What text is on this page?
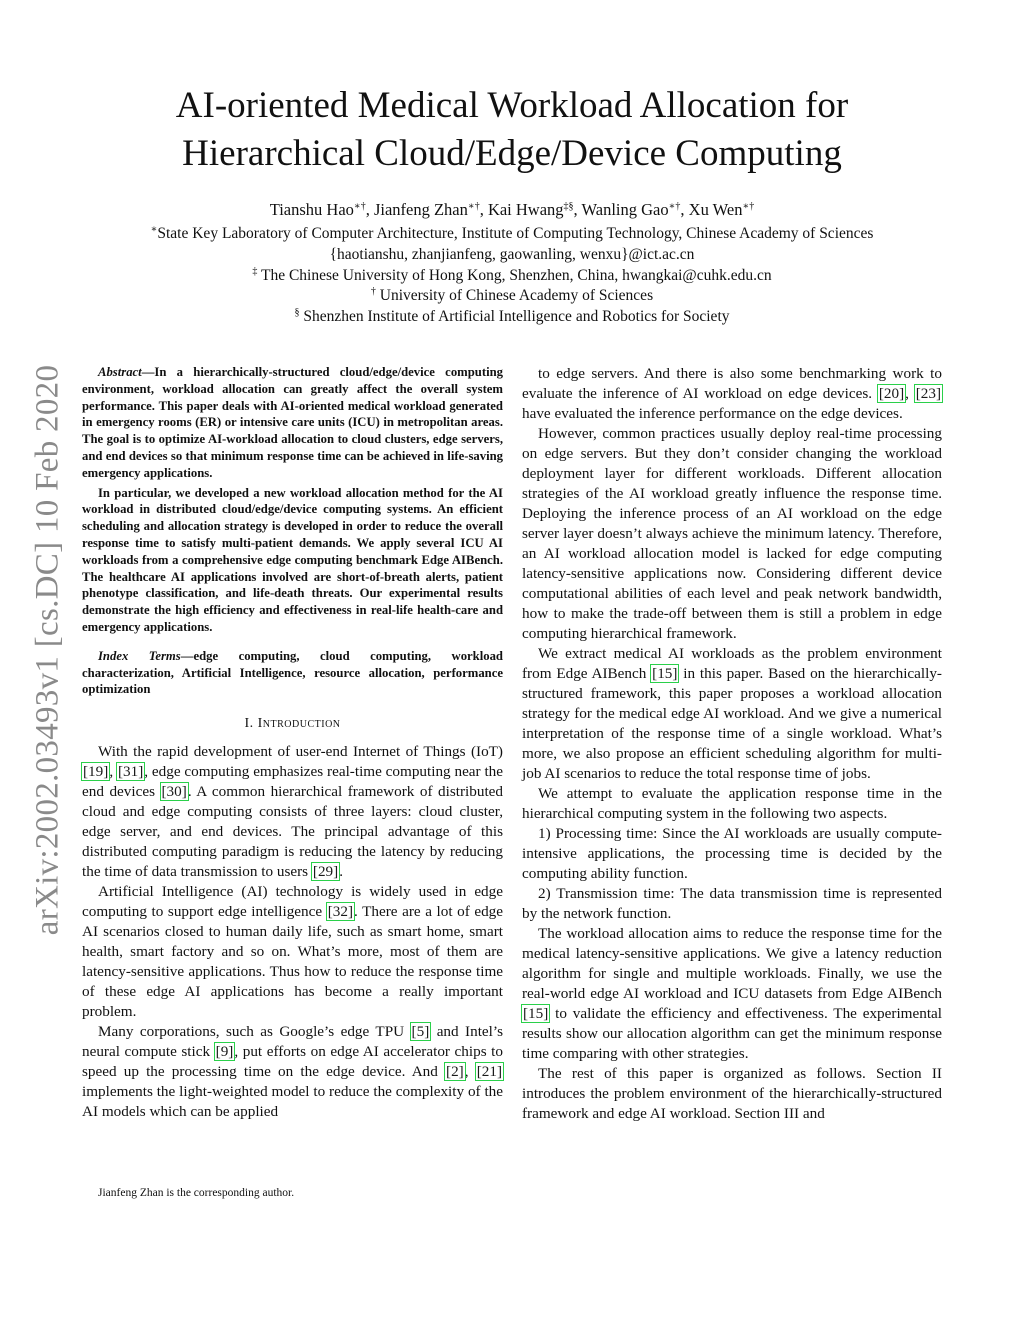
arXiv:2002.03493v1 [cs.DC] 10 Feb 2020
AI-oriented Medical Workload Allocation for
Hierarchical Cloud/Edge/Device Computing
Tianshu Hao∗†, Jianfeng Zhan∗†, Kai Hwang‡§, Wanling Gao∗†, Xu Wen∗†
∗State Key Laboratory of Computer Architecture, Institute of Computing Technology, Chinese Academy of Sciences
{haotianshu, zhanjianfeng, gaowanling, wenxu}@ict.ac.cn
‡ The Chinese University of Hong Kong, Shenzhen, China, hwangkai@cuhk.edu.cn
† University of Chinese Academy of Sciences
§ Shenzhen Institute of Artificial Intelligence and Robotics for Society

Abstract—In a hierarchically-structured cloud/edge/device computing environment, workload allocation can greatly affect the overall system performance. This paper deals with AI-oriented medical workload generated in emergency rooms (ER) or intensive care units (ICU) in metropolitan areas. The goal is to optimize AI-workload allocation to cloud clusters, edge servers, and end devices so that minimum response time can be achieved in life-saving emergency applications.

In particular, we developed a new workload allocation method for the AI workload in distributed cloud/edge/device computing systems. An efficient scheduling and allocation strategy is developed in order to reduce the overall response time to satisfy multi-patient demands. We apply several ICU AI workloads from a comprehensive edge computing benchmark Edge AIBench. The healthcare AI applications involved are short-of-breath alerts, patient phenotype classification, and life-death threats. Our experimental results demonstrate the high efficiency and effectiveness in real-life health-care and emergency applications.

Index Terms—edge computing, cloud computing, workload characterization, Artificial Intelligence, resource allocation, performance optimization

I. Introduction

With the rapid development of user-end Internet of Things (IoT) [19], [31], edge computing emphasizes real-time computing near the end devices [30]. A common hierarchical framework of distributed cloud and edge computing consists of three layers: cloud cluster, edge server, and end devices. The principal advantage of this distributed computing paradigm is reducing the latency by reducing the time of data transmission to users [29].

Artificial Intelligence (AI) technology is widely used in edge computing to support edge intelligence [32]. There are a lot of edge AI scenarios closed to human daily life, such as smart home, smart health, smart factory and so on. What’s more, most of them are latency-sensitive applications. Thus how to reduce the response time of these edge AI applications has become a really important problem.

Many corporations, such as Google’s edge TPU [5] and Intel’s neural compute stick [9], put efforts on edge AI accelerator chips to speed up the processing time on the edge device. And [2], [21] implements the light-weighted model to reduce the complexity of the AI models which can be applied

to edge servers. And there is also some benchmarking work to evaluate the inference of AI workload on edge devices. [20], [23] have evaluated the inference performance on the edge devices.

However, common practices usually deploy real-time processing on edge servers. But they don’t consider changing the workload deployment layer for different workloads. Different allocation strategies of the AI workload greatly influence the response time. Deploying the inference process of an AI workload on the edge server layer doesn’t always achieve the minimum latency. Therefore, an AI workload allocation model is lacked for edge computing latency-sensitive applications now. Considering different device computational abilities of each level and peak network bandwidth, how to make the trade-off between them is still a problem in edge computing hierarchical framework.

We extract medical AI workloads as the problem environment from Edge AIBench [15] in this paper. Based on the hierarchically-structured framework, this paper proposes a workload allocation strategy for the medical edge AI workload. And we give a numerical interpretation of the response time of a single workload. What’s more, we also propose an efficient scheduling algorithm for multi-job AI scenarios to reduce the total response time of jobs.

We attempt to evaluate the application response time in the hierarchical computing system in the following two aspects.

1) Processing time: Since the AI workloads are usually compute-intensive applications, the processing time is decided by the computing ability function.

2) Transmission time: The data transmission time is represented by the network function.

The workload allocation aims to reduce the response time for the medical latency-sensitive applications. We give a latency reduction algorithm for single and multiple workloads. Finally, we use the real-world edge AI workload and ICU datasets from Edge AIBench [15] to validate the efficiency and effectiveness. The experimental results show our allocation algorithm can get the minimum response time comparing with other strategies.

The rest of this paper is organized as follows. Section II introduces the problem environment of the hierarchically-structured framework and edge AI workload. Section III and

Jianfeng Zhan is the corresponding author.
